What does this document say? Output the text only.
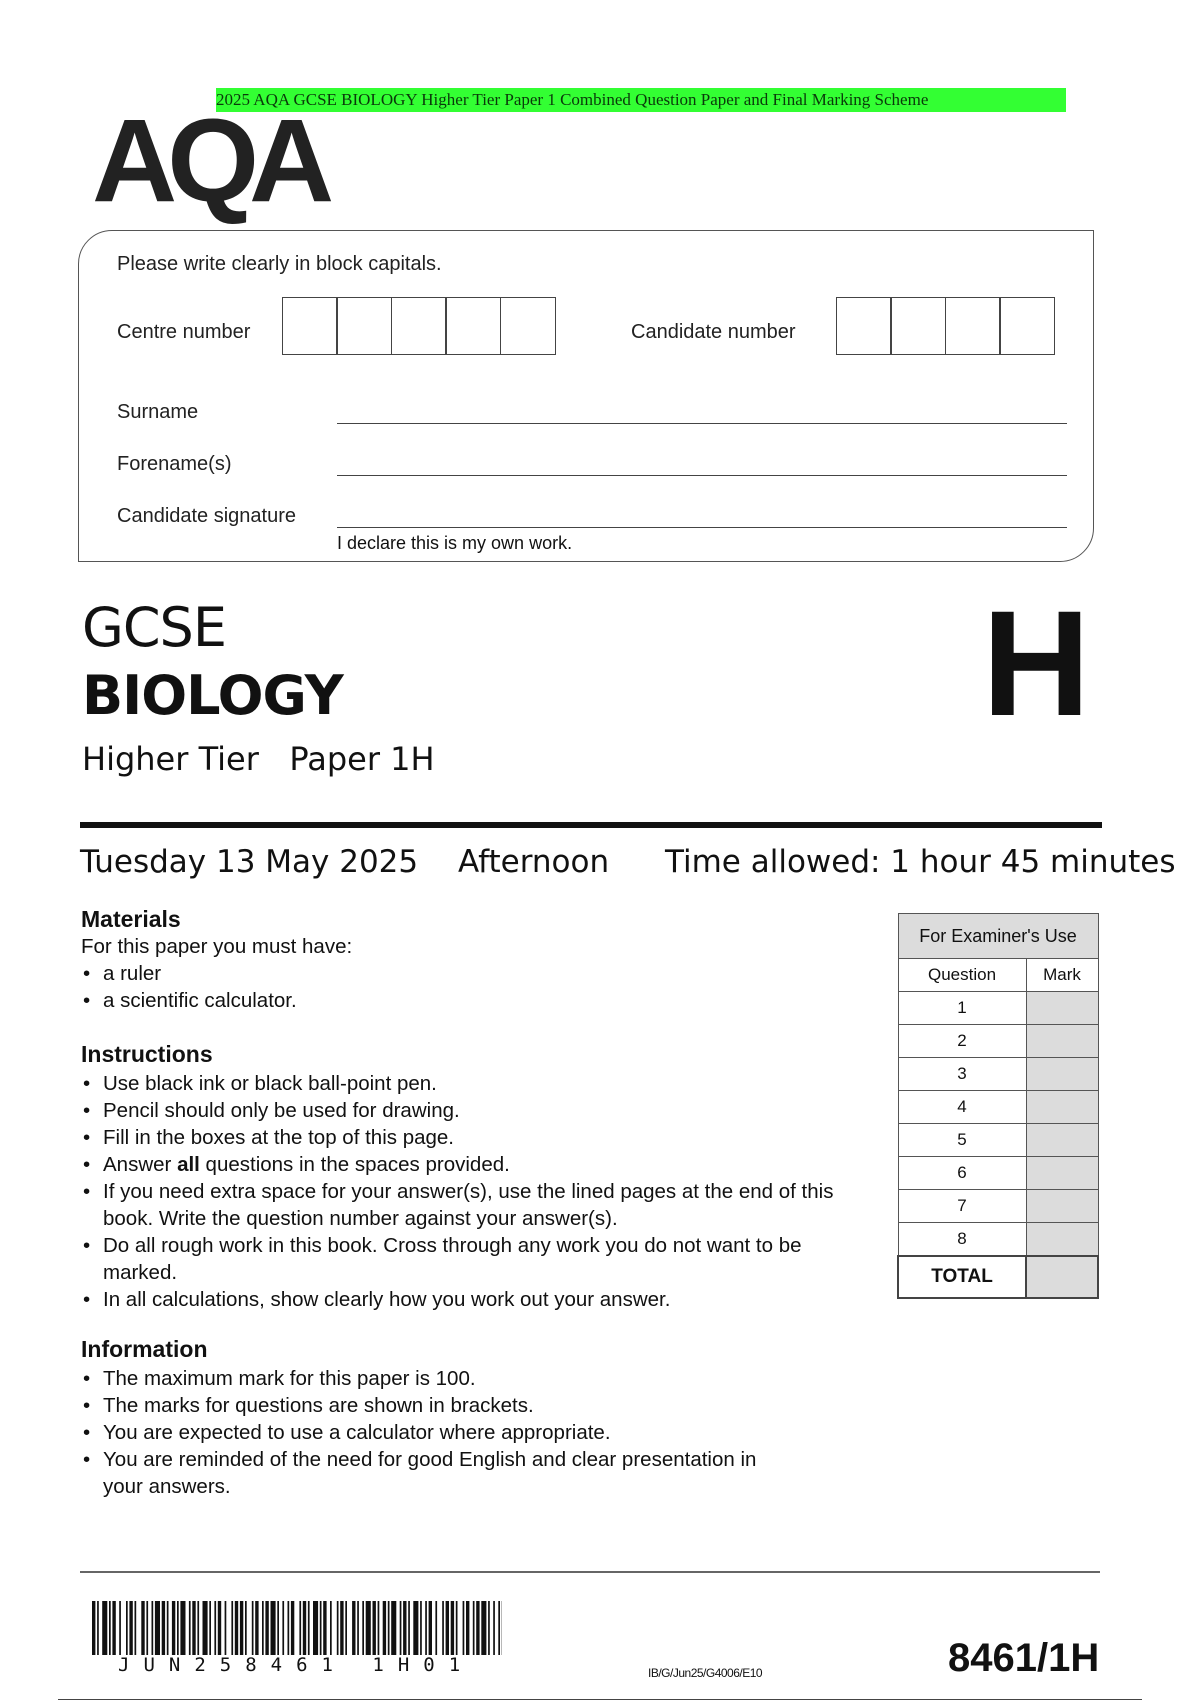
2025 AQA GCSE BIOLOGY Higher Tier Paper 1 Combined Question Paper and Final Marking Scheme
AQA
Please write clearly in block capitals.
Centre number	Candidate number
Surname
Forename(s)
Candidate signature
I declare this is my own work.
GCSE
BIOLOGY
Higher Tier Paper 1H
H
Tuesday 13 May 2025 Afternoon Time allowed: 1 hour 45 minutes
Materials
For this paper you must have:
• a ruler
• a scientific calculator.
Instructions
• Use black ink or black ball-point pen.
• Pencil should only be used for drawing.
• Fill in the boxes at the top of this page.
• Answer all questions in the spaces provided.
• If you need extra space for your answer(s), use the lined pages at the end of this book. Write the question number against your answer(s).
• Do all rough work in this book. Cross through any work you do not want to be marked.
• In all calculations, show clearly how you work out your answer.
Information
• The maximum mark for this paper is 100.
• The marks for questions are shown in brackets.
• You are expected to use a calculator where appropriate.
• You are reminded of the need for good English and clear presentation in your answers.
For Examiner's Use	
Question	Mark
1	
2	
3	
4	
5	
6	
7	
8	
TOTAL	
JUN258461 1H01	IB/G/Jun25/G4006/E10	8461/1H
